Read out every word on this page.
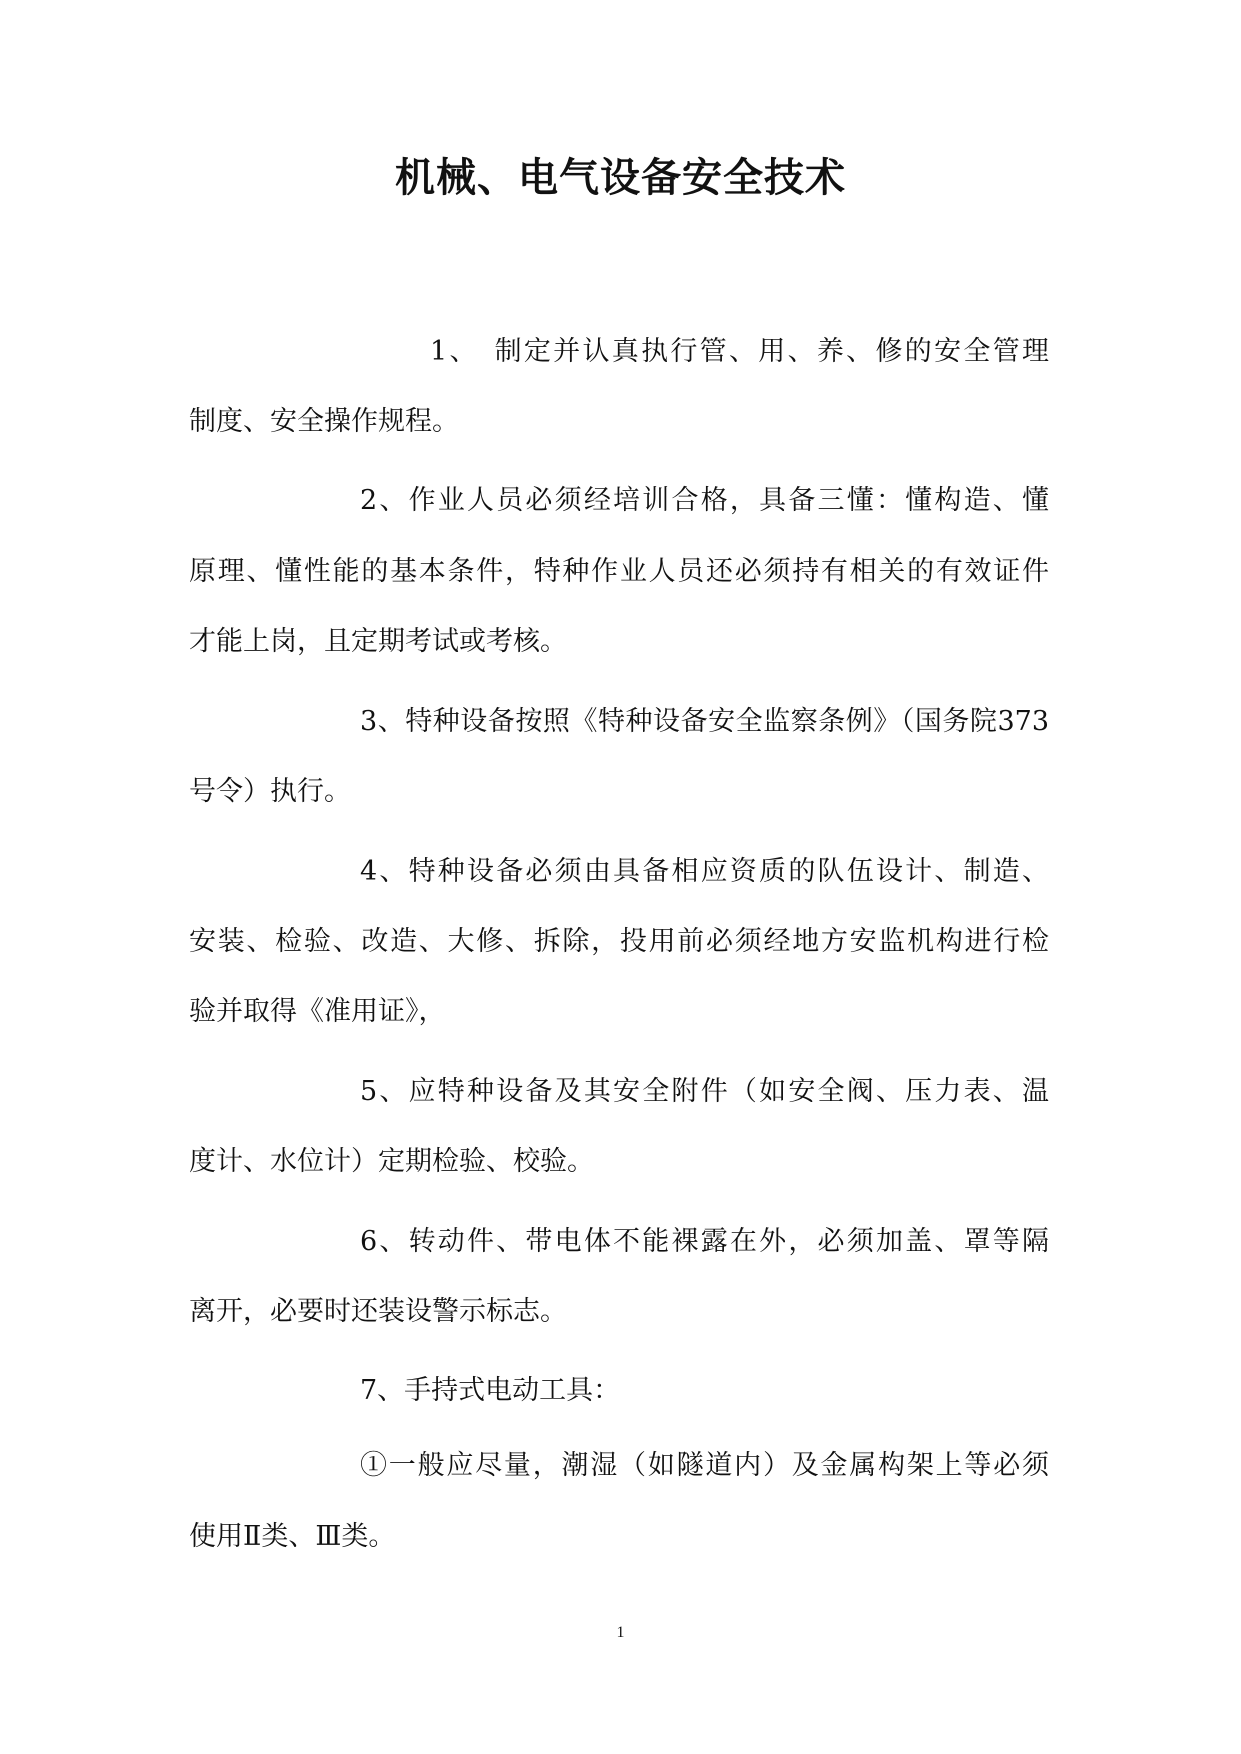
机械、电气设备安全技术

1、　制定并认真执行管、用、养、修的安全管理

制度、安全操作规程。

2、作业人员必须经培训合格，具备三懂：懂构造、懂

原理、懂性能的基本条件，特种作业人员还必须持有相关的有效证件

才能上岗，且定期考试或考核。

3、特种设备按照《特种设备安全监察条例》（国务院373

号令）执行。

4、特种设备必须由具备相应资质的队伍设计、制造、

安装、检验、改造、大修、拆除，投用前必须经地方安监机构进行检

验并取得《准用证》，

5、应特种设备及其安全附件（如安全阀、压力表、温

度计、水位计）定期检验、校验。

6、转动件、带电体不能裸露在外，必须加盖、罩等隔

离开，必要时还装设警示标志。

7、手持式电动工具：

①一般应尽量，潮湿（如隧道内）及金属构架上等必须

使用Ⅱ类、Ⅲ类。

1
